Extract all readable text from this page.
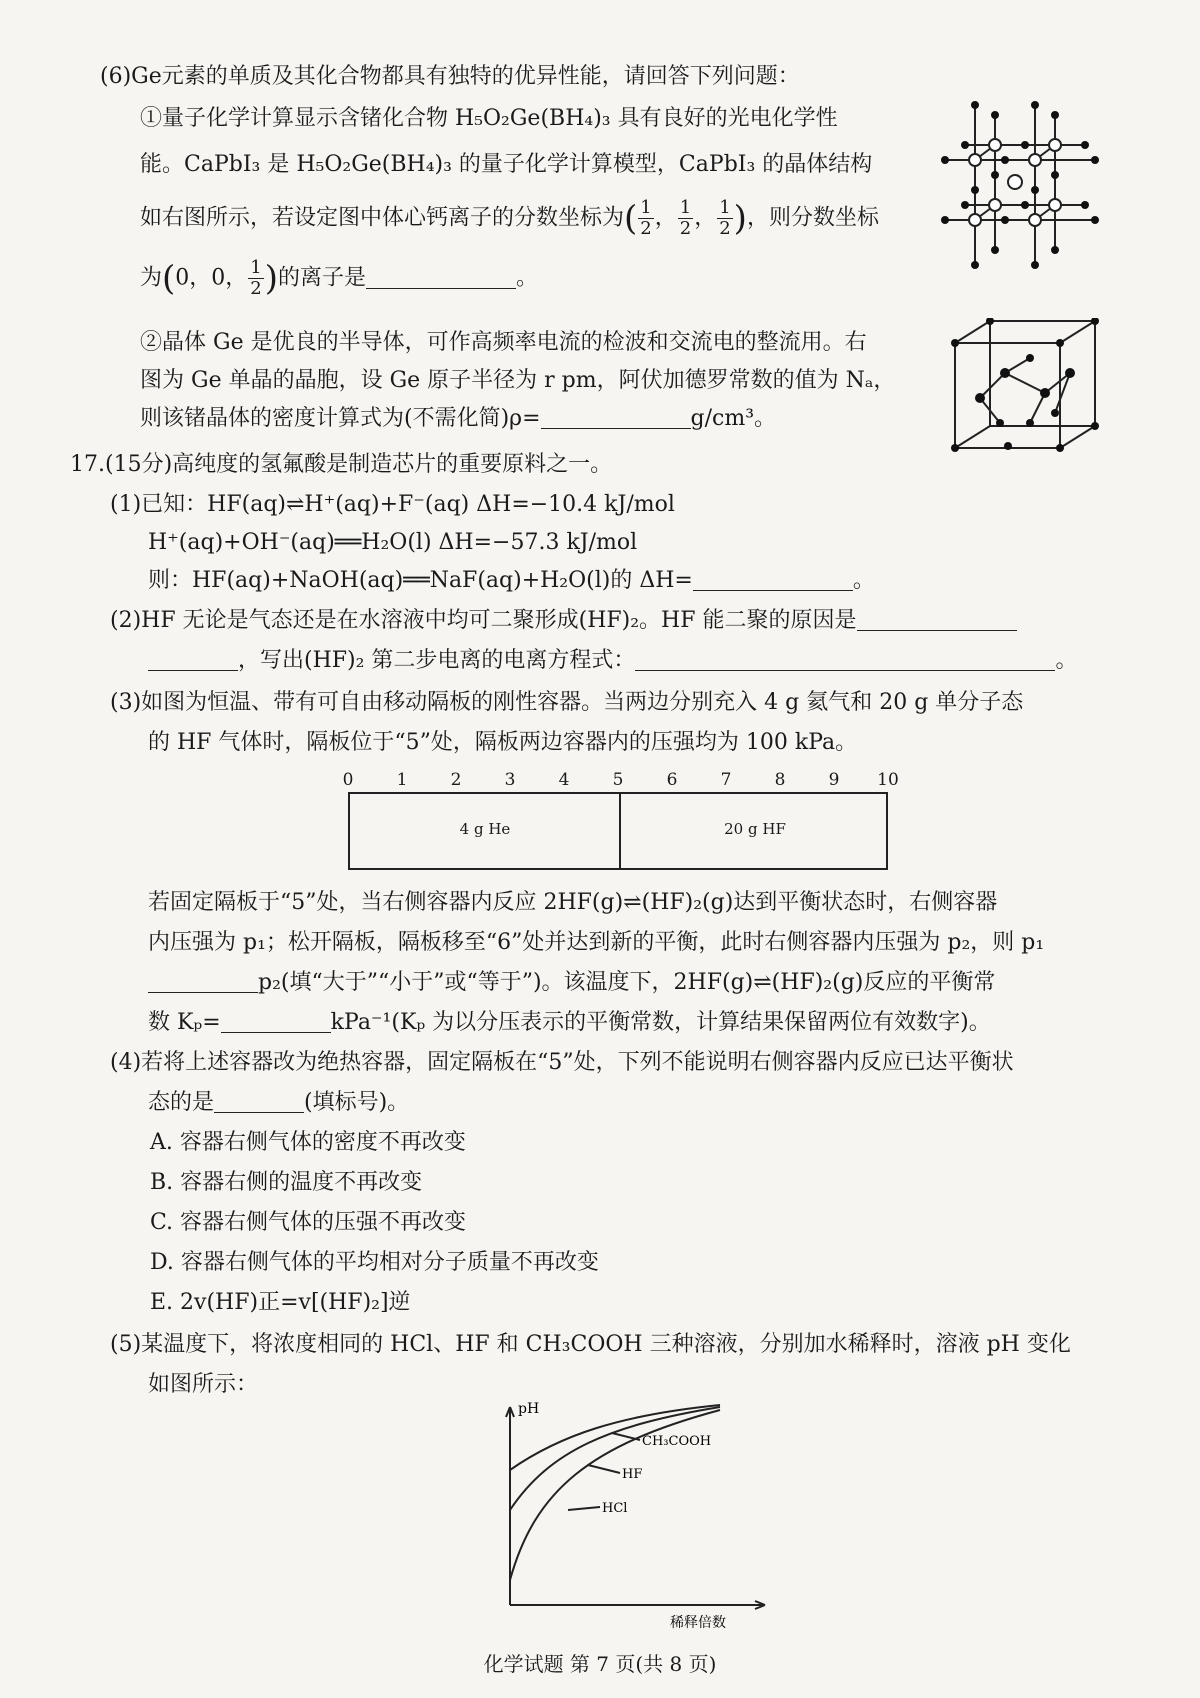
(6)Ge元素的单质及其化合物都具有独特的优异性能，请回答下列问题：
①量子化学计算显示含锗化合物 H₅O₂Ge(BH₄)₃ 具有良好的光电化学性
能。CaPbI₃ 是 H₅O₂Ge(BH₄)₃ 的量子化学计算模型，CaPbI₃ 的晶体结构
如右图所示，若设定图中体心钙离子的分数坐标为( $\frac{1}{2}$ ， $\frac{1}{2}$ ， $\frac{1}{2}$ )，则分数坐标
为(0，0， $\frac{1}{2}$ )的离子是	。
②晶体 Ge 是优良的半导体，可作高频率电流的检波和交流电的整流用。右
图为 Ge 单晶的晶胞，设 Ge 原子半径为 r pm，阿伏加德罗常数的值为 Nₐ，
则该锗晶体的密度计算式为(不需化简)ρ=	g/cm³。
17.(15分)高纯度的氢氟酸是制造芯片的重要原料之一。
(1)已知：HF(aq)⇌H⁺(aq)+F⁻(aq) ΔH=−10.4 kJ/mol
H⁺(aq)+OH⁻(aq)══H₂O(l) ΔH=−57.3 kJ/mol
则：HF(aq)+NaOH(aq)══NaF(aq)+H₂O(l)的 ΔH=	。
(2)HF 无论是气态还是在水溶液中均可二聚形成(HF)₂。HF 能二聚的原因是
，写出(HF)₂ 第二步电离的电离方程式：	。
(3)如图为恒温、带有可自由移动隔板的刚性容器。当两边分别充入 4 g 氦气和 20 g 单分子态
的 HF 气体时，隔板位于“5”处，隔板两边容器内的压强均为 100 kPa。
0	1	2	3	4	5	6	7	8	9 10
4 g He	20 g HF
若固定隔板于“5”处，当右侧容器内反应 2HF(g)⇌(HF)₂(g)达到平衡状态时，右侧容器
内压强为 p₁；松开隔板，隔板移至“6”处并达到新的平衡，此时右侧容器内压强为 p₂，则 p₁
p₂(填“大于”“小于”或“等于”)。该温度下，2HF(g)⇌(HF)₂(g)反应的平衡常
数 Kₚ=	kPa⁻¹(Kₚ 为以分压表示的平衡常数，计算结果保留两位有效数字)。
(4)若将上述容器改为绝热容器，固定隔板在“5”处，下列不能说明右侧容器内反应已达平衡状
态的是	(填标号)。
A. 容器右侧气体的密度不再改变
B. 容器右侧的温度不再改变
C. 容器右侧气体的压强不再改变
D. 容器右侧气体的平均相对分子质量不再改变
E. 2v(HF)正=v[(HF)₂]逆
(5)某温度下，将浓度相同的 HCl、HF 和 CH₃COOH 三种溶液，分别加水稀释时，溶液 pH 变化
如图所示：
pH
CH₃COOH
HF
HCl
稀释倍数
化学试题 第 7 页(共 8 页)
